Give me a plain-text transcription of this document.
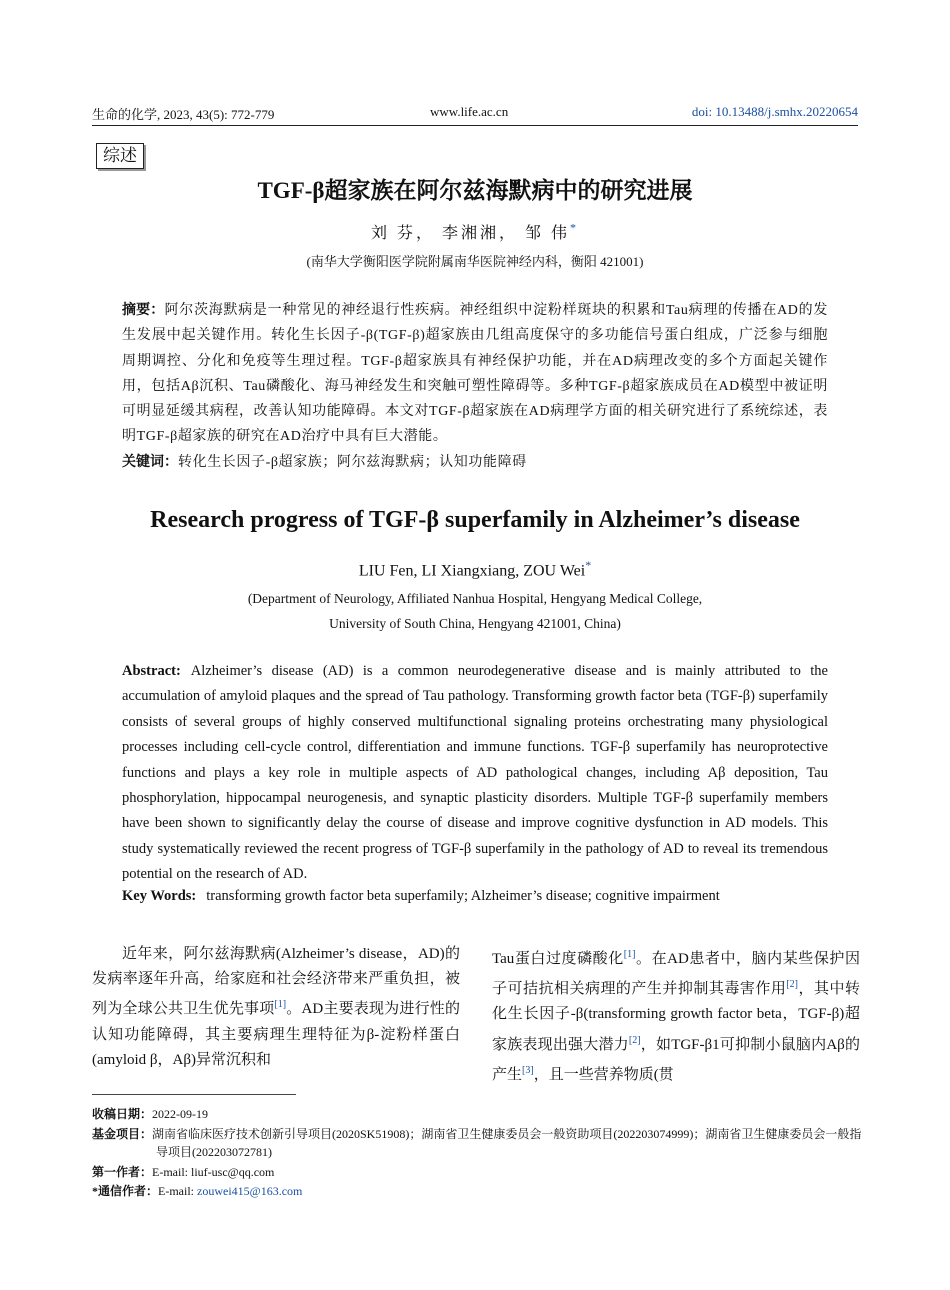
生命的化学, 2023, 43(5): 772-779	www.life.ac.cn	doi: 10.13488/j.smhx.20220654
综述
TGF-β超家族在阿尔兹海默病中的研究进展
刘 芬， 李湘湘， 邹 伟*
(南华大学衡阳医学院附属南华医院神经内科，衡阳 421001)
摘要：阿尔茨海默病是一种常见的神经退行性疾病。神经组织中淀粉样斑块的积累和Tau病理的传播在AD的发生发展中起关键作用。转化生长因子-β(TGF-β)超家族由几组高度保守的多功能信号蛋白组成，广泛参与细胞周期调控、分化和免疫等生理过程。TGF-β超家族具有神经保护功能，并在AD病理改变的多个方面起关键作用，包括Aβ沉积、Tau磷酸化、海马神经发生和突触可塑性障碍等。多种TGF-β超家族成员在AD模型中被证明可明显延缓其病程，改善认知功能障碍。本文对TGF-β超家族在AD病理学方面的相关研究进行了系统综述，表明TGF-β超家族的研究在AD治疗中具有巨大潜能。
关键词：转化生长因子-β超家族；阿尔兹海默病；认知功能障碍
Research progress of TGF-β superfamily in Alzheimer’s disease
LIU Fen, LI Xiangxiang, ZOU Wei*
(Department of Neurology, Affiliated Nanhua Hospital, Hengyang Medical College,
University of South China, Hengyang 421001, China)
Abstract: Alzheimer’s disease (AD) is a common neurodegenerative disease and is mainly attributed to the accumulation of amyloid plaques and the spread of Tau pathology. Transforming growth factor beta (TGF-β) superfamily consists of several groups of highly conserved multifunctional signaling proteins orchestrating many physiological processes including cell-cycle control, differentiation and immune functions. TGF-β superfamily has neuroprotective functions and plays a key role in multiple aspects of AD pathological changes, including Aβ deposition, Tau phosphorylation, hippocampal neurogenesis, and synaptic plasticity disorders. Multiple TGF-β superfamily members have been shown to significantly delay the course of disease and improve cognitive dysfunction in AD models. This study systematically reviewed the recent progress of TGF-β superfamily in the pathology of AD to reveal its tremendous potential on the research of AD.
Key Words: transforming growth factor beta superfamily; Alzheimer’s disease; cognitive impairment
近年来，阿尔兹海默病(Alzheimer’s disease，AD)的发病率逐年升高，给家庭和社会经济带来严重负担，被列为全球公共卫生优先事项[1]。AD主要表现为进行性的认知功能障碍，其主要病理生理特征为β-淀粉样蛋白(amyloid β，Aβ)异常沉积和
Tau蛋白过度磷酸化[1]。在AD患者中，脑内某些保护因子可拮抗相关病理的产生并抑制其毒害作用[2]，其中转化生长因子-β(transforming growth factor beta，TGF-β)超家族表现出强大潜力[2]，如TGF-β1可抑制小鼠脑内Aβ的产生[3]，且一些营养物质(贯
收稿日期：2022-09-19
基金项目：湖南省临床医疗技术创新引导项目(2020SK51908)；湖南省卫生健康委员会一般资助项目(202203074999)；湖南省卫生健康委员会一般指导项目(202203072781)
第一作者：E-mail: liuf-usc@qq.com
*通信作者：E-mail: zouwei415@163.com
